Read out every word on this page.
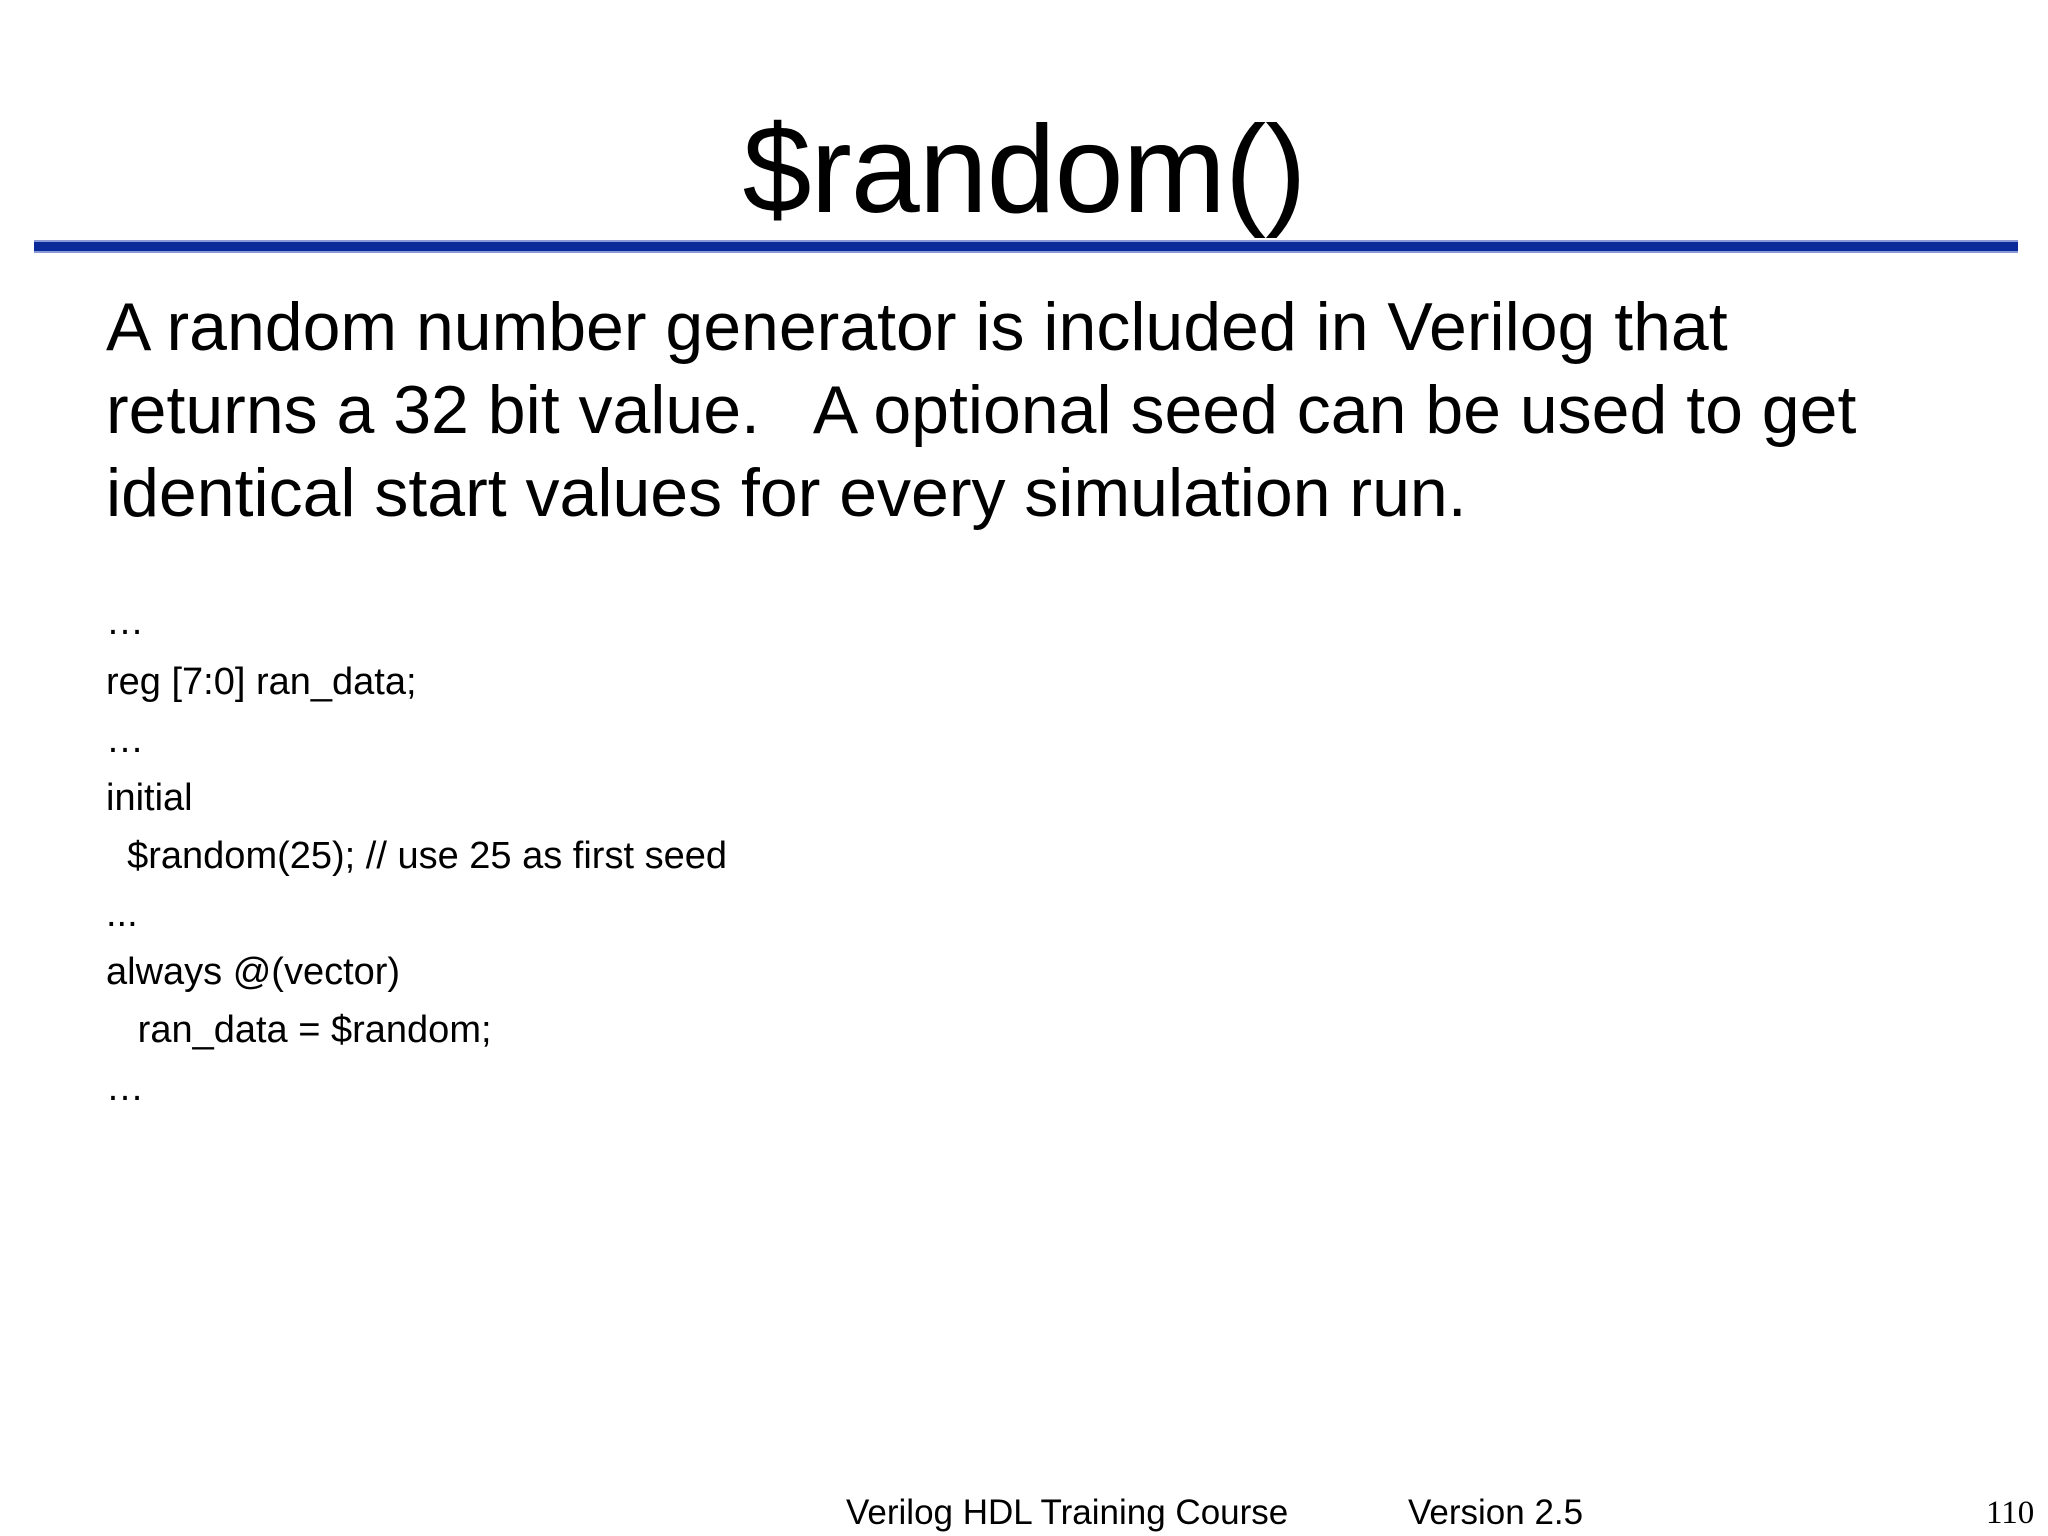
$random()
A random number generator is included in Verilog that
returns a 32 bit value.   A optional seed can be used to get
identical start values for every simulation run.
…
reg [7:0] ran_data;
…
initial
$random(25); // use 25 as first seed
...
always @(vector)
ran_data = $random;
…
Verilog HDL Training Course	Version 2.5	110
